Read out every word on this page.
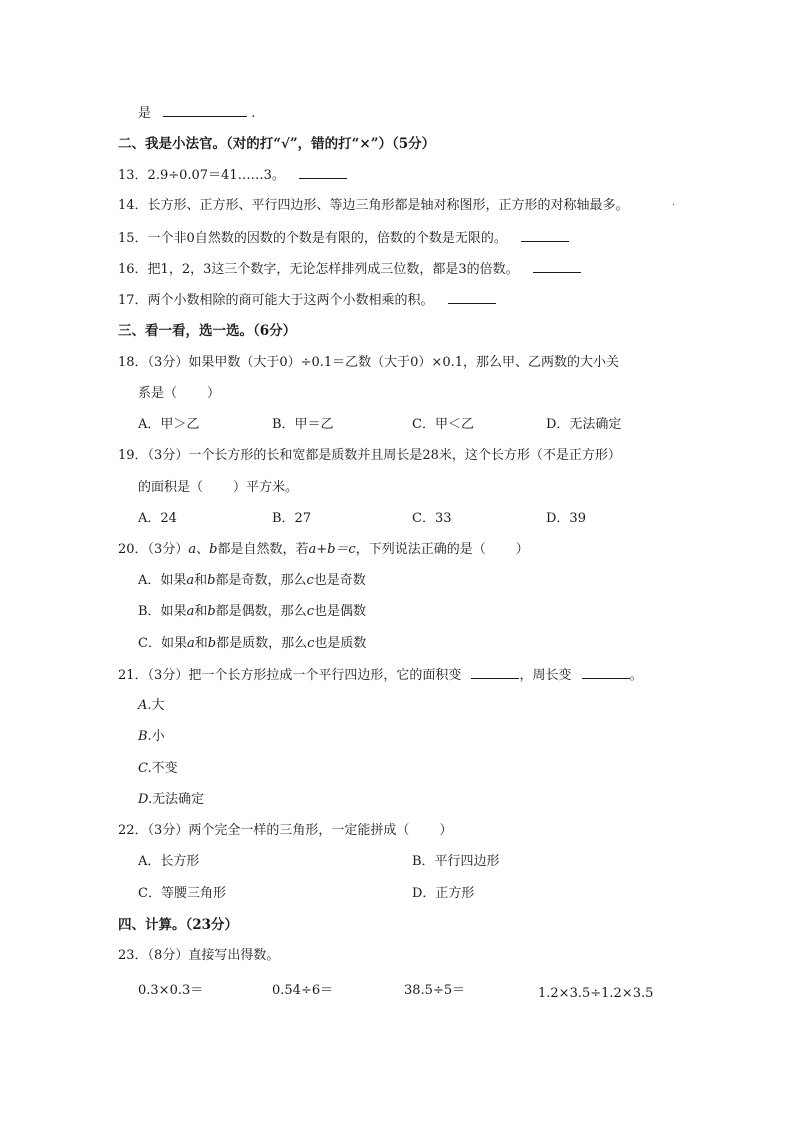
是	.
二、我是小法官。（对的打“√”，错的打“×”）（5分）
13．2.9÷0.07＝41……3。
14．长方形、正方形、平行四边形、等边三角形都是轴对称图形，正方形的对称轴最多。	·
15．一个非0自然数的因数的个数是有限的，倍数的个数是无限的。
16．把1，2，3这三个数字，无论怎样排列成三位数，都是3的倍数。
17．两个小数相除的商可能大于这两个小数相乘的积。
三、看一看，选一选。（6分）
18．（3分）如果甲数（大于0）÷0.1＝乙数（大于0）×0.1，那么甲、乙两数的大小关
系是（ ）
A．甲＞乙	B．甲＝乙	C．甲＜乙	D．无法确定
19．（3分）一个长方形的长和宽都是质数并且周长是28米，这个长方形（不是正方形）
的面积是（ ）平方米。
A．24	B．27	C．33	D．39
20．（3分）a、b都是自然数，若a+b＝c，下列说法正确的是（ ）
A．如果a和b都是奇数，那么c也是奇数
B．如果a和b都是偶数，那么c也是偶数
C．如果a和b都是质数，那么c也是质数
21．（3分）把一个长方形拉成一个平行四边形，它的面积变	，周长变	。
A.大
B.小
C.不变
D.无法确定
22．（3分）两个完全一样的三角形，一定能拼成（ ）
A．长方形	B．平行四边形
C．等腰三角形	D．正方形
四、计算。（23分）
23．（8分）直接写出得数。
0.3×0.3＝	0.54÷6＝	38.5÷5＝	1.2×3.5÷1.2×3.5
